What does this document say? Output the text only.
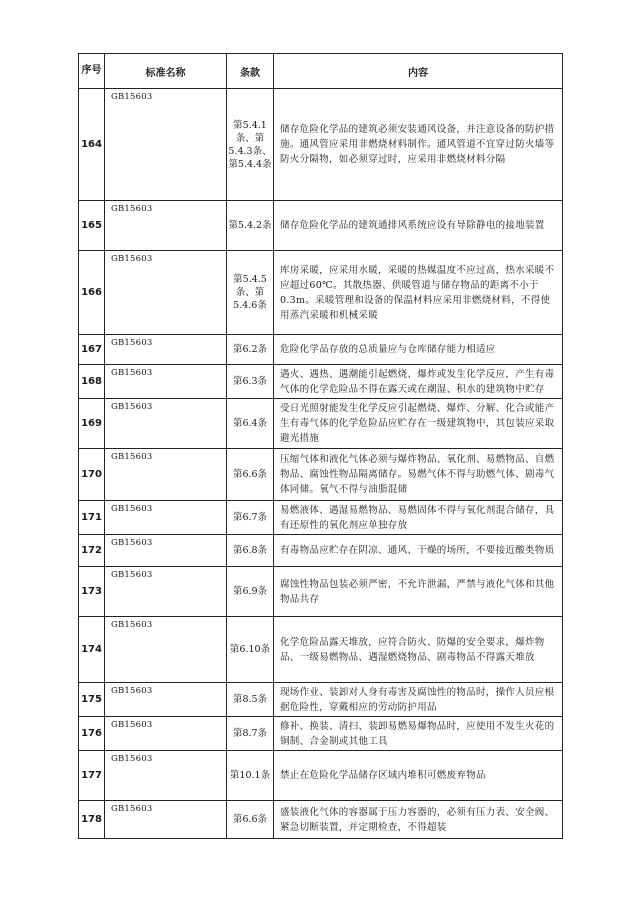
序号	标准名称	条款	内容
164	GB15603	第5.4.1条、第5.4.3条、第5.4.4条	储存危险化学品的建筑必须安装通风设备，并注意设备的防护措施。通风管应采用非燃烧材料制作。通风管道不宜穿过防火墙等防火分隔物，如必须穿过时，应采用非燃烧材料分隔
165	GB15603	第5.4.2条	储存危险化学品的建筑通排风系统应设有导除静电的接地装置
166	GB15603	第5.4.5条、第5.4.6条	库房采暖，应采用水暖，采暖的热媒温度不应过高，热水采暖不应超过60℃。其散热器、供暖管道与储存物品的距离不小于0.3m。采暖管理和设备的保温材料应采用非燃烧材料，不得使用蒸汽采暖和机械采暖
167	GB15603	第6.2条	危险化学品存放的总质量应与仓库储存能力相适应
168	GB15603	第6.3条	遇火、遇热、遇潮能引起燃烧、爆炸或发生化学反应，产生有毒气体的化学危险品不得在露天或在潮湿、积水的建筑物中贮存
169	GB15603	第6.4条	受日光照射能发生化学反应引起燃烧、爆炸、分解、化合或能产生有毒气体的化学危险品应贮存在一级建筑物中，其包装应采取避光措施
170	GB15603	第6.6条	压缩气体和液化气体必须与爆炸物品、氧化剂、易燃物品、自燃物品、腐蚀性物品隔离储存。易燃气体不得与助燃气体、剧毒气体同储。氧气不得与油脂混储
171	GB15603	第6.7条	易燃液体、遇湿易燃物品、易燃固体不得与氧化剂混合储存，具有还原性的氧化剂应单独存放
172	GB15603	第6.8条	有毒物品应贮存在阴凉、通风、干燥的场所，不要接近酸类物质
173	GB15603	第6.9条	腐蚀性物品包装必须严密，不允许泄漏，严禁与液化气体和其他物品共存
174	GB15603	第6.10条	化学危险品露天堆放，应符合防火、防爆的安全要求，爆炸物品、一级易燃物品、遇湿燃烧物品、剧毒物品不得露天堆放
175	GB15603	第8.5条	现场作业、装卸对人身有毒害及腐蚀性的物品时，操作人员应根据危险性，穿戴相应的劳动防护用品
176	GB15603	第8.7条	修补、换装、清扫、装卸易燃易爆物品时，应使用不发生火花的铜制、合金制或其他工具
177	GB15603	第10.1条	禁止在危险化学品储存区域内堆积可燃废弃物品
178	GB15603	第6.6条	盛装液化气体的容器属于压力容器的，必须有压力表、安全阀、紧急切断装置，并定期检查，不得超装
